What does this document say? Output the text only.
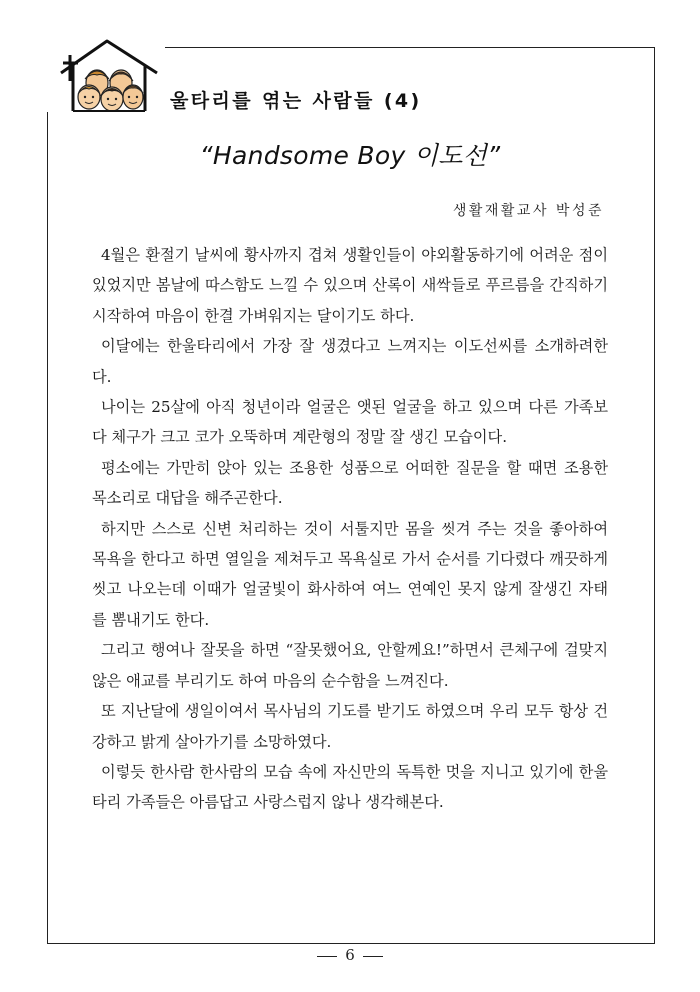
울타리를 엮는 사람들 (4)
“Handsome Boy 이도선”
생활재활교사 박성준

4월은 환절기 날씨에 황사까지 겹쳐 생활인들이 야외활동하기에 어려운 점이 있었지만 봄날에 따스함도 느낄 수 있으며 산록이 새싹들로 푸르름을 간직하기 시작하여 마음이 한결 가벼워지는 달이기도 하다.

이달에는 한울타리에서 가장 잘 생겼다고 느껴지는 이도선씨를 소개하려한다.

나이는 25살에 아직 청년이라 얼굴은 앳된 얼굴을 하고 있으며 다른 가족보다 체구가 크고 코가 오뚝하며 계란형의 정말 잘 생긴 모습이다.

평소에는 가만히 앉아 있는 조용한 성품으로 어떠한 질문을 할 때면 조용한 목소리로 대답을 해주곤한다.

하지만 스스로 신변 처리하는 것이 서툴지만 몸을 씻겨 주는 것을 좋아하여 목욕을 한다고 하면 열일을 제쳐두고 목욕실로 가서 순서를 기다렸다 깨끗하게 씻고 나오는데 이때가 얼굴빛이 화사하여 여느 연예인 못지 않게 잘생긴 자태를 뽐내기도 한다.

그리고 행여나 잘못을 하면 “잘못했어요, 안할께요!”하면서 큰체구에 걸맞지 않은 애교를 부리기도 하여 마음의 순수함을 느껴진다.

또 지난달에 생일이여서 목사님의 기도를 받기도 하였으며 우리 모두 항상 건강하고 밝게 살아가기를 소망하였다.

이렇듯 한사람 한사람의 모습 속에 자신만의 독특한 멋을 지니고 있기에 한울타리 가족들은 아름답고 사랑스럽지 않나 생각해본다.

6
